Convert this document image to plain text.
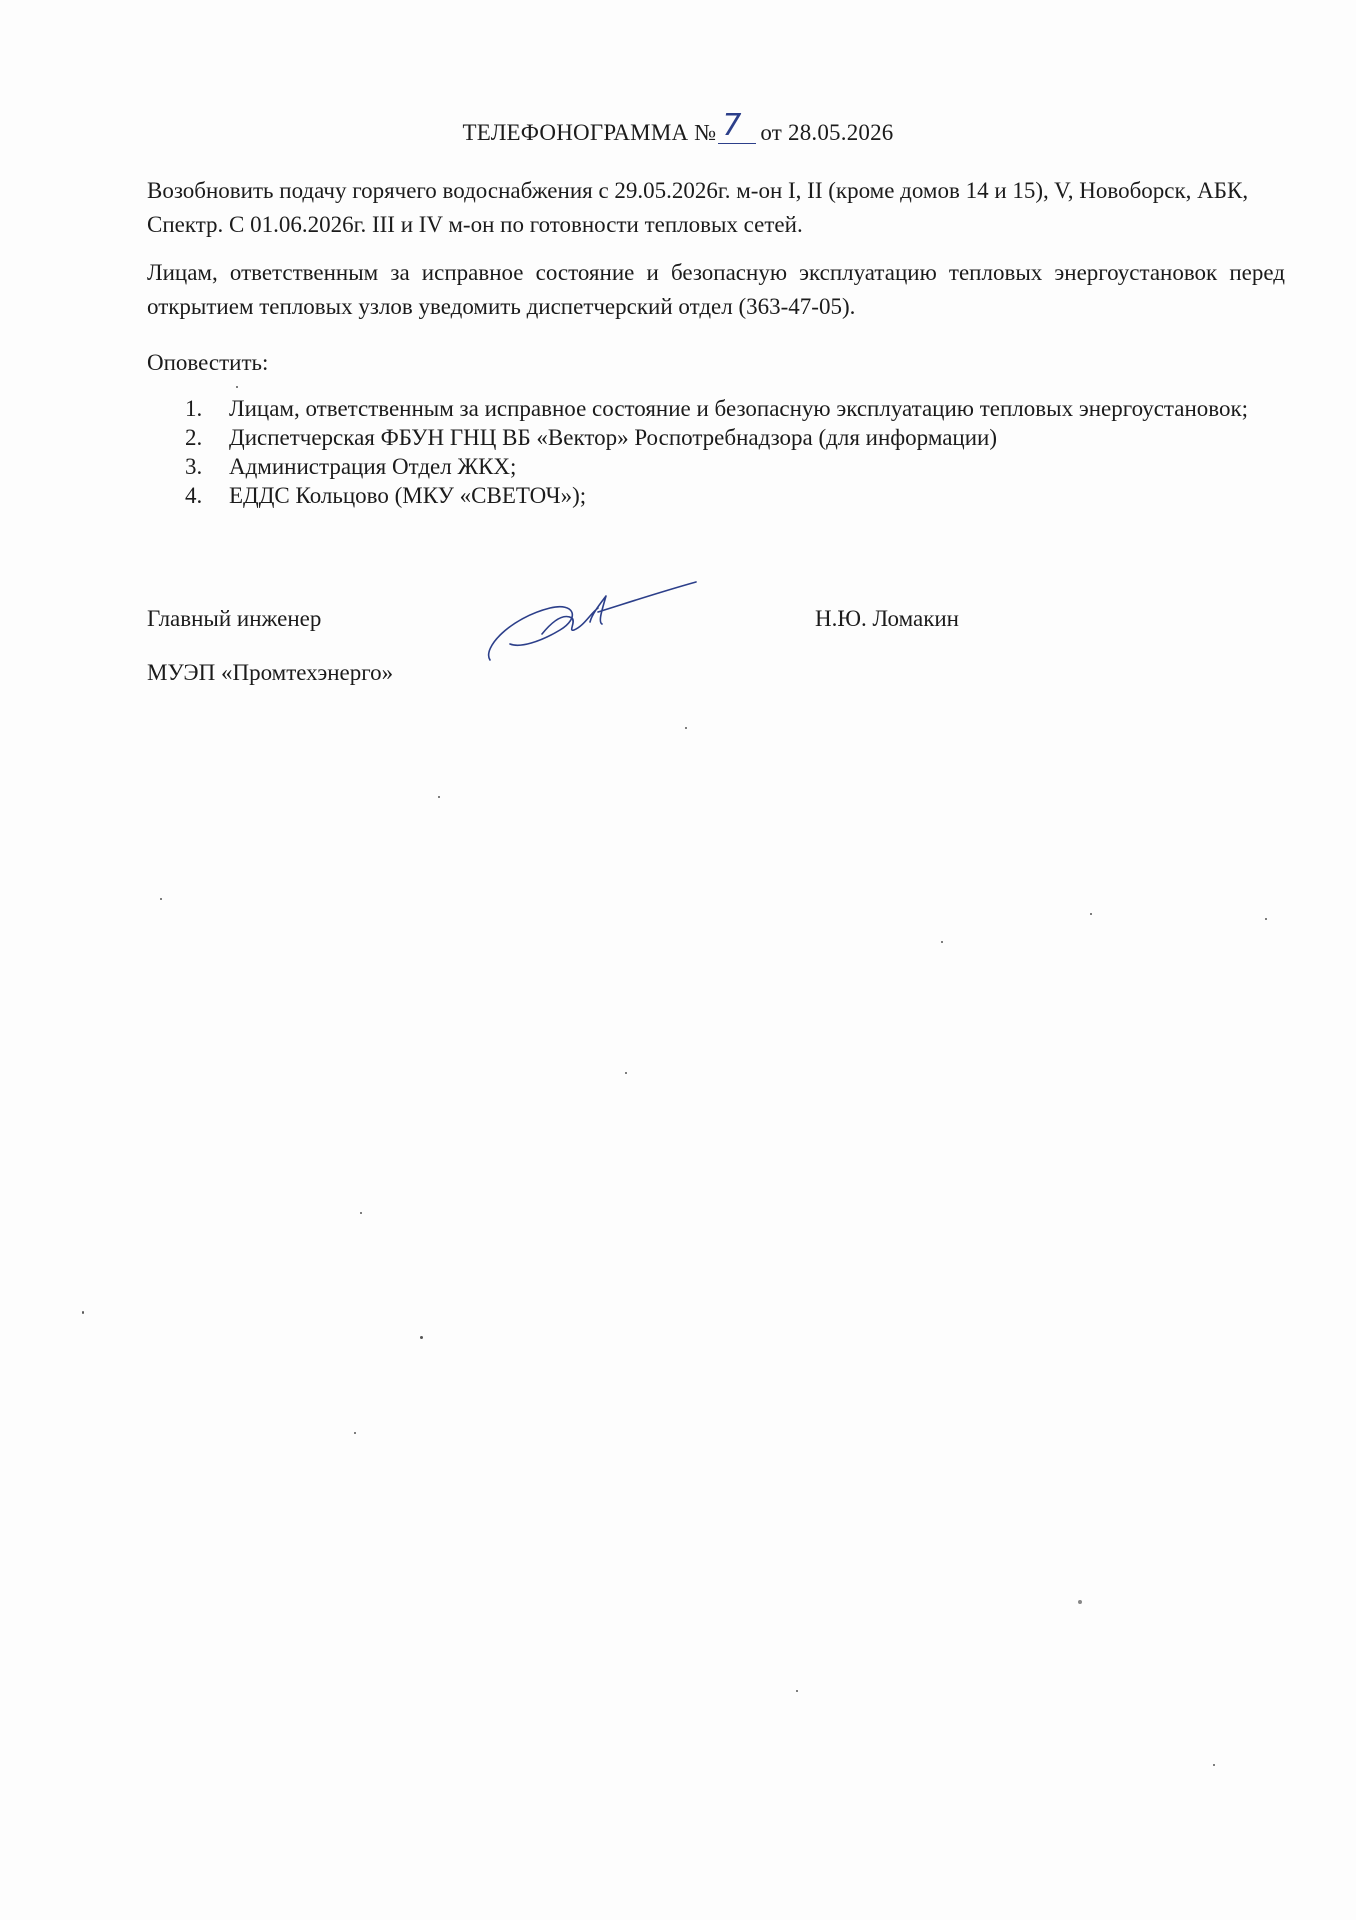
ТЕЛЕФОНОГРАММА № 7 от 28.05.2026
Возобновить подачу горячего водоснабжения с 29.05.2026г. м-он I, II (кроме домов 14 и 15), V, Новоборск, АБК, Спектр. С 01.06.2026г. III и IV м-он по готовности тепловых сетей.
Лицам, ответственным за исправное состояние и безопасную эксплуатацию тепловых энергоустановок перед открытием тепловых узлов уведомить диспетчерский отдел (363-47-05).
Оповестить:
1. Лицам, ответственным за исправное состояние и безопасную эксплуатацию тепловых энергоустановок;
2. Диспетчерская ФБУН ГНЦ ВБ «Вектор» Роспотребнадзора (для информации)
3. Администрация Отдел ЖКХ;
4. ЕДДС Кольцово (МКУ «СВЕТОЧ»);
Главный инженер
МУЭП «Промтехэнерго»
Н.Ю. Ломакин
